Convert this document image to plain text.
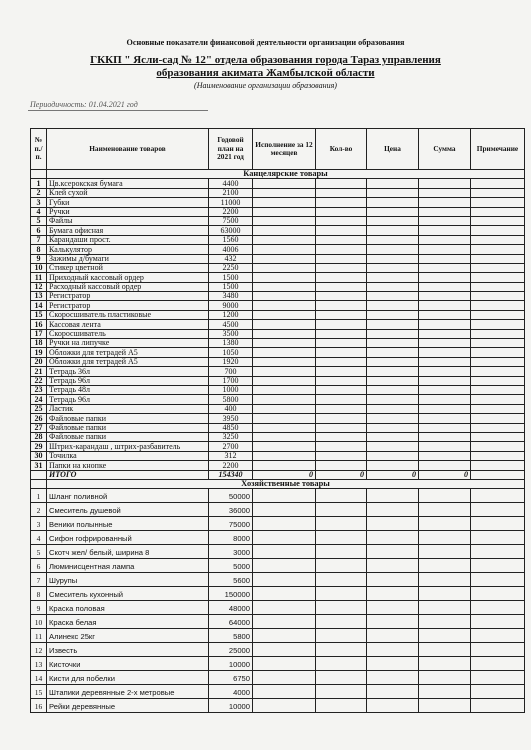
Основные показатели финансовой деятельности организации образования
ГККП " Ясли-сад № 12" отдела образования города Тараз управления
образования акимата Жамбылской области
(Наименование организации образования)
Периодичность: 01.04.2021 год
№ п./п.	Наименование товаров	Годовой план на 2021 год	Исполнение за 12 месяцев	Кол-во	Цена	Сумма	Примечание
	Канцелярские товары						
1	Цв.ксерокская бумага	4400					
2	Клей сухой	2100					
3	Губки	11000					
4	Ручки	2200					
5	Файлы	7500					
6	Бумага офисная	63000					
7	Карандаши прост.	1560					
8	Калькулятор	4006					
9	Зажимы д/бумаги	432					
10	Стикер цветной	2250					
11	Приходный кассовый ордер	1500					
12	Расходный кассовый ордер	1500					
13	Регистратор	3480					
14	Регистратор	9000					
15	Скоросшиватель пластиковые	1200					
16	Кассовая лента	4500					
17	Скоросшиватель	3500					
18	Ручки на липучке	1380					
19	Обложки для тетрадей А5	1050					
20	Обложки для тетрадей А5	1920					
21	Тетрадь 36л	700					
22	Тетрадь 96л	1700					
23	Тетрадь 48л	1000					
24	Тетрадь 96л	5800					
25	Ластик	400					
26	Файловые папки	3950					
27	Файловые папки	4850					
28	Файловые папки	3250					
29	Штрих-карандаш , штрих-разбавитель	2700					
30	Точилка	312					
31	Папки на кнопке	2200					
	ИТОГО	154340	0	0	0	0	
	Хозяйственные товары						
1	Шланг поливной	50000					
2	Смеситель душевой	36000					
3	Веники полынные	75000					
4	Сифон гофрированный	8000					
5	Скотч жел/ белый, ширина 8	3000					
6	Люминисцентная лампа	5000					
7	Шурупы	5600					
8	Смеситель кухонный	150000					
9	Краска половая	48000					
10	Краска белая	64000					
11	Алинекс 25кг	5800					
12	Известь	25000					
13	Кисточки	10000					
14	Кисти для побелки	6750					
15	Штапики деревянные 2-х метровые	4000					
16	Рейки деревянные	10000					
